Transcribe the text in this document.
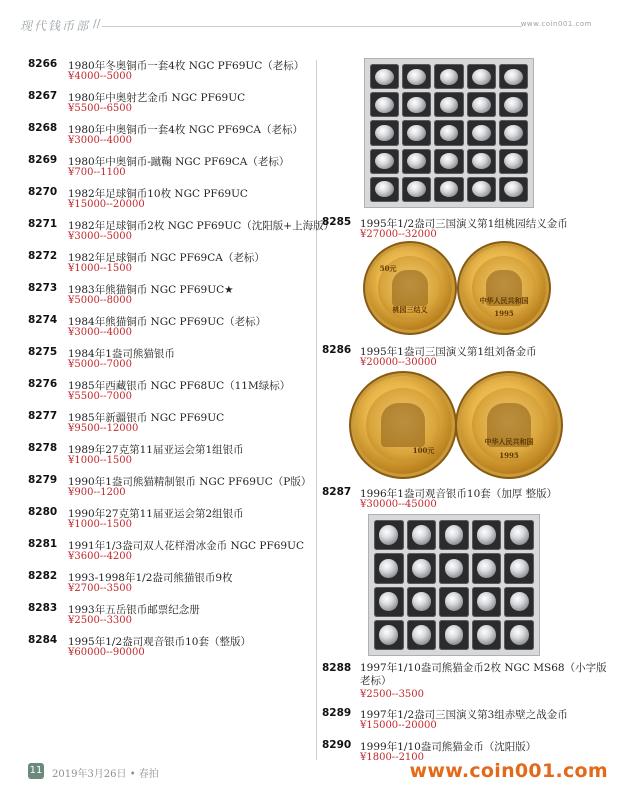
现代钱币部 //	www.coin001.com
8266 1980年冬奥铜币一套4枚 NGC PF69UC（老标）
¥4000--5000
8267 1980年中奥射艺金币 NGC PF69UC
¥5500--6500
8268 1980年中奥铜币一套4枚 NGC PF69CA（老标）
¥3000--4000
8269 1980年中奥铜币-蹴鞠 NGC PF69CA（老标）
¥700--1100
8270 1982年足球铜币10枚 NGC PF69UC
¥15000--20000
8271 1982年足球铜币2枚 NGC PF69UC（沈阳版+上海版）
¥3000--5000
8272 1982年足球铜币 NGC PF69CA（老标）
¥1000--1500
8273 1983年熊猫铜币 NGC PF69UC★
¥5000--8000
8274 1984年熊猫铜币 NGC PF69UC（老标）
¥3000--4000
8275 1984年1盎司熊猫银币
¥5000--7000
8276 1985年西藏银币 NGC PF68UC（11M绿标）
¥5500--7000
8277 1985年新疆银币 NGC PF69UC
¥9500--12000
8278 1989年27克第11届亚运会第1组银币
¥1000--1500
8279 1990年1盎司熊猫精制银币 NGC PF69UC（P版）
¥900--1200
8280 1990年27克第11届亚运会第2组银币
¥1000--1500
8281 1991年1/3盎司双人花样滑冰金币 NGC PF69UC
¥3600--4200
8282 1993-1998年1/2盎司熊猫银币9枚
¥2700--3500
8283 1993年五岳银币邮票纪念册
¥2500--3300
8284 1995年1/2盎司观音银币10套（整版）
¥60000--90000
8285 1995年1/2盎司三国演义第1组桃园结义金币
¥27000--32000
50元
桃园三结义
中华人民共和国
1995
8286 1995年1盎司三国演义第1组刘备金币
¥20000--30000
100元
中华人民共和国
1995
8287 1996年1盎司观音银币10套（加厚 整版）
¥30000--45000
8288 1997年1/10盎司熊猫金币2枚 NGC MS68（小字版老标）
¥2500--3500
8289 1997年1/2盎司三国演义第3组赤壁之战金币
¥15000--20000
8290 1999年1/10盎司熊猫金币（沈阳版）
¥1800--2100
11 2019年3月26日 • 春拍	www.coin001.com
